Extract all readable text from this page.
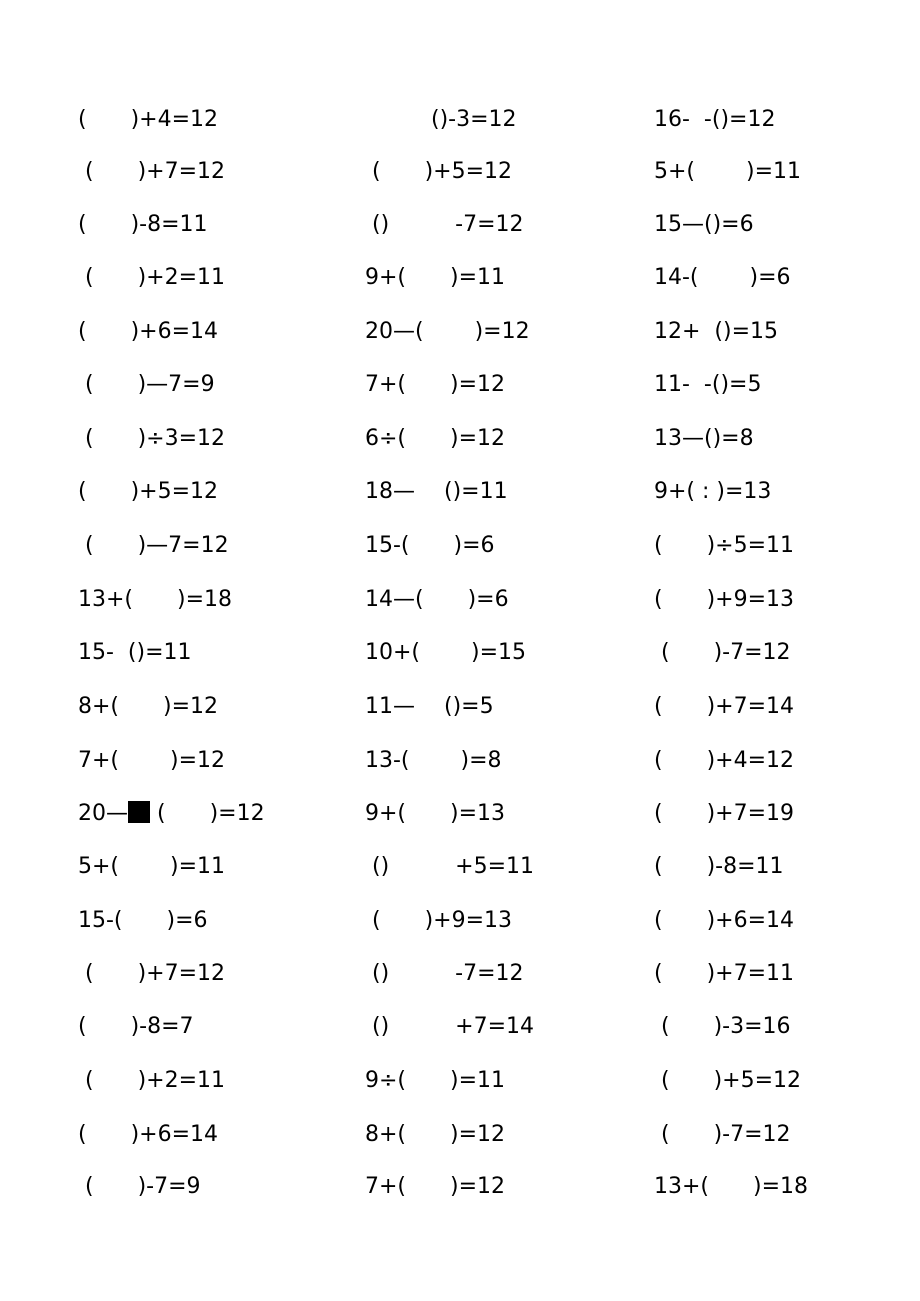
(　　)+4=12
(　　)+7=12
(　　)-8=11
(　　)+2=11
(　　)+6=14
(　　)—7=9
(　　)÷3=12
(　　)+5=12
(　　)—7=12
13+(　　)=18
15-  ()=11
8+(　　)=12
7+(　　 )=12
20— (　　)=12
5+(　　 )=11
15-(　　)=6
(　　)+7=12
(　　)-8=7
(　　)+2=11
(　　)+6=14
(　　)-7=9
　　　()-3=12
(　　)+5=12
()　　　-7=12
9+(　　)=11
20—(　　 )=12
7+(　　)=12
6÷(　　)=12
18—　 ()=11
15-(　　)=6
14—(　　)=6
10+(　　 )=15
11—　 ()=5
13-(　　 )=8
9+(　　)=13
()　　　+5=11
(　　)+9=13
()　　　-7=12
()　　　+7=14
9÷(　　)=11
8+(　　)=12
7+(　　)=12
16-  -()=12
5+(　　 )=11
15—()=6
14-(　　 )=6
12+  ()=15
11-  -()=5
13—()=8
9+( : )=13
(　　)÷5=11
(　　)+9=13
(　　)-7=12
(　　)+7=14
(　　)+4=12
(　　)+7=19
(　　)-8=11
(　　)+6=14
(　　)+7=11
(　　)-3=16
(　　)+5=12
(　　)-7=12
13+(　　)=18
